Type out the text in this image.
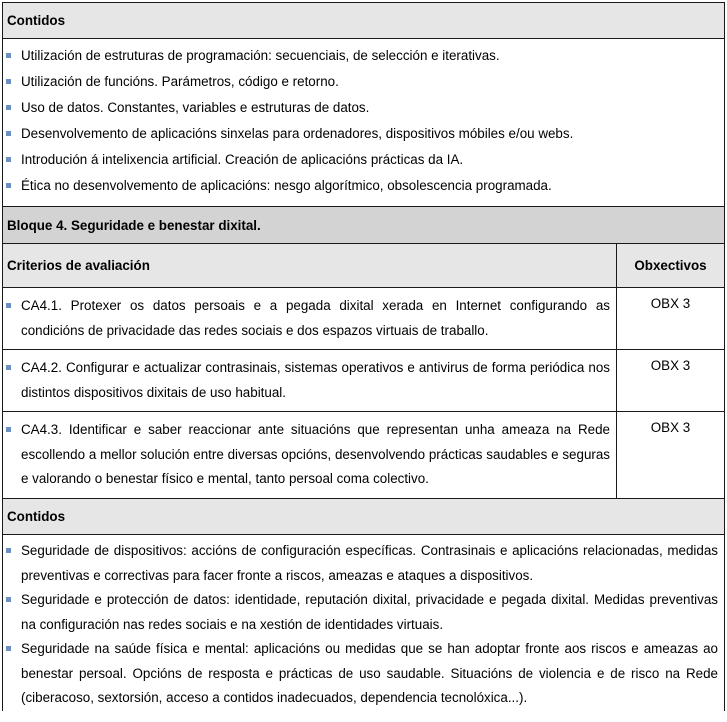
Contidos
Utilización de estruturas de programación: secuenciais, de selección e iterativas.
Utilización de funcións. Parámetros, código e retorno.
Uso de datos. Constantes, variables e estruturas de datos.
Desenvolvemento de aplicacións sinxelas para ordenadores, dispositivos móbiles e/ou webs.
Introdución á intelixencia artificial. Creación de aplicacións prácticas da IA.
Ética no desenvolvemento de aplicacións: nesgo algorítmico, obsolescencia programada.
Bloque 4. Seguridade e benestar dixital.
Criterios de avaliación	Obxectivos
CA4.1. Protexer os datos persoais e a pegada dixital xerada en Internet configurando as condicións de privacidade das redes sociais e dos espazos virtuais de traballo.
OBX 3
CA4.2. Configurar e actualizar contrasinais, sistemas operativos e antivirus de forma periódica nos distintos dispositivos dixitais de uso habitual.
OBX 3
CA4.3. Identificar e saber reaccionar ante situacións que representan unha ameaza na Rede escollendo a mellor solución entre diversas opcións, desenvolvendo prácticas saudables e seguras e valorando o benestar físico e mental, tanto persoal coma colectivo.
OBX 3
Contidos
Seguridade de dispositivos: accións de configuración específicas. Contrasinais e aplicacións relacionadas, medidas preventivas e correctivas para facer fronte a riscos, ameazas e ataques a dispositivos.
Seguridade e protección de datos: identidade, reputación dixital, privacidade e pegada dixital. Medidas preventivas na configuración nas redes sociais e na xestión de identidades virtuais.
Seguridade na saúde física e mental: aplicacións ou medidas que se han adoptar fronte aos riscos e ameazas ao benestar persoal. Opcións de resposta e prácticas de uso saudable. Situacións de violencia e de risco na Rede (ciberacoso, sextorsión, acceso a contidos inadecuados, dependencia tecnolóxica...).
